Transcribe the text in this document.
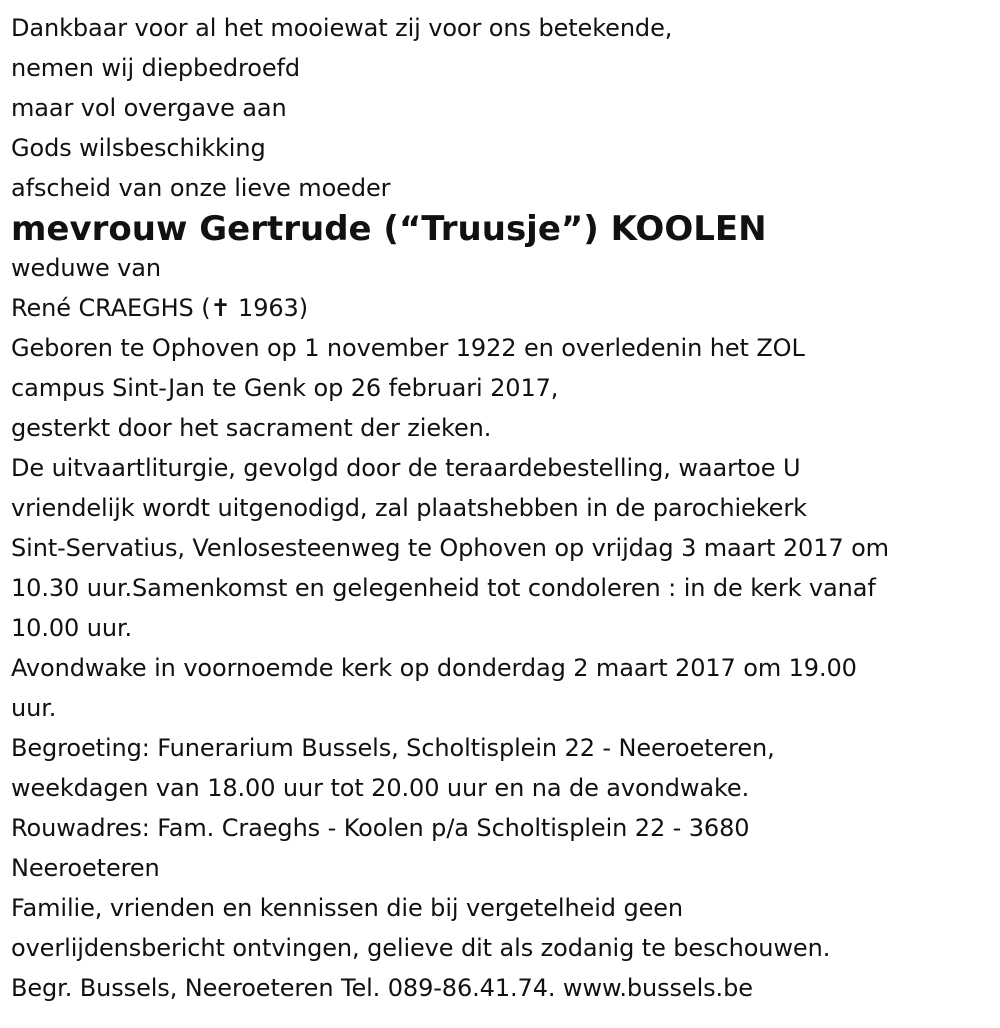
Dankbaar voor al het mooiewat zij voor ons betekende,
nemen wij diepbedroefd
maar vol overgave aan
Gods wilsbeschikking
afscheid van onze lieve moeder
mevrouw Gertrude (“Truusje”) KOOLEN
weduwe van
René CRAEGHS (✝ 1963)
Geboren te Ophoven op 1 november 1922 en overledenin het ZOL
campus Sint-Jan te Genk op 26 februari 2017,
gesterkt door het sacrament der zieken.
De uitvaartliturgie, gevolgd door de teraardebestelling, waartoe U
vriendelijk wordt uitgenodigd, zal plaatshebben in de parochiekerk
Sint-Servatius, Venlosesteenweg te Ophoven op vrijdag 3 maart 2017 om
10.30 uur.Samenkomst en gelegenheid tot condoleren : in de kerk vanaf
10.00 uur.
Avondwake in voornoemde kerk op donderdag 2 maart 2017 om 19.00
uur.
Begroeting: Funerarium Bussels, Scholtisplein 22 - Neeroeteren,
weekdagen van 18.00 uur tot 20.00 uur en na de avondwake.
Rouwadres: Fam. Craeghs - Koolen p/a Scholtisplein 22 - 3680
Neeroeteren
Familie, vrienden en kennissen die bij vergetelheid geen
overlijdensbericht ontvingen, gelieve dit als zodanig te beschouwen.
Begr. Bussels, Neeroeteren Tel. 089-86.41.74. www.bussels.be
